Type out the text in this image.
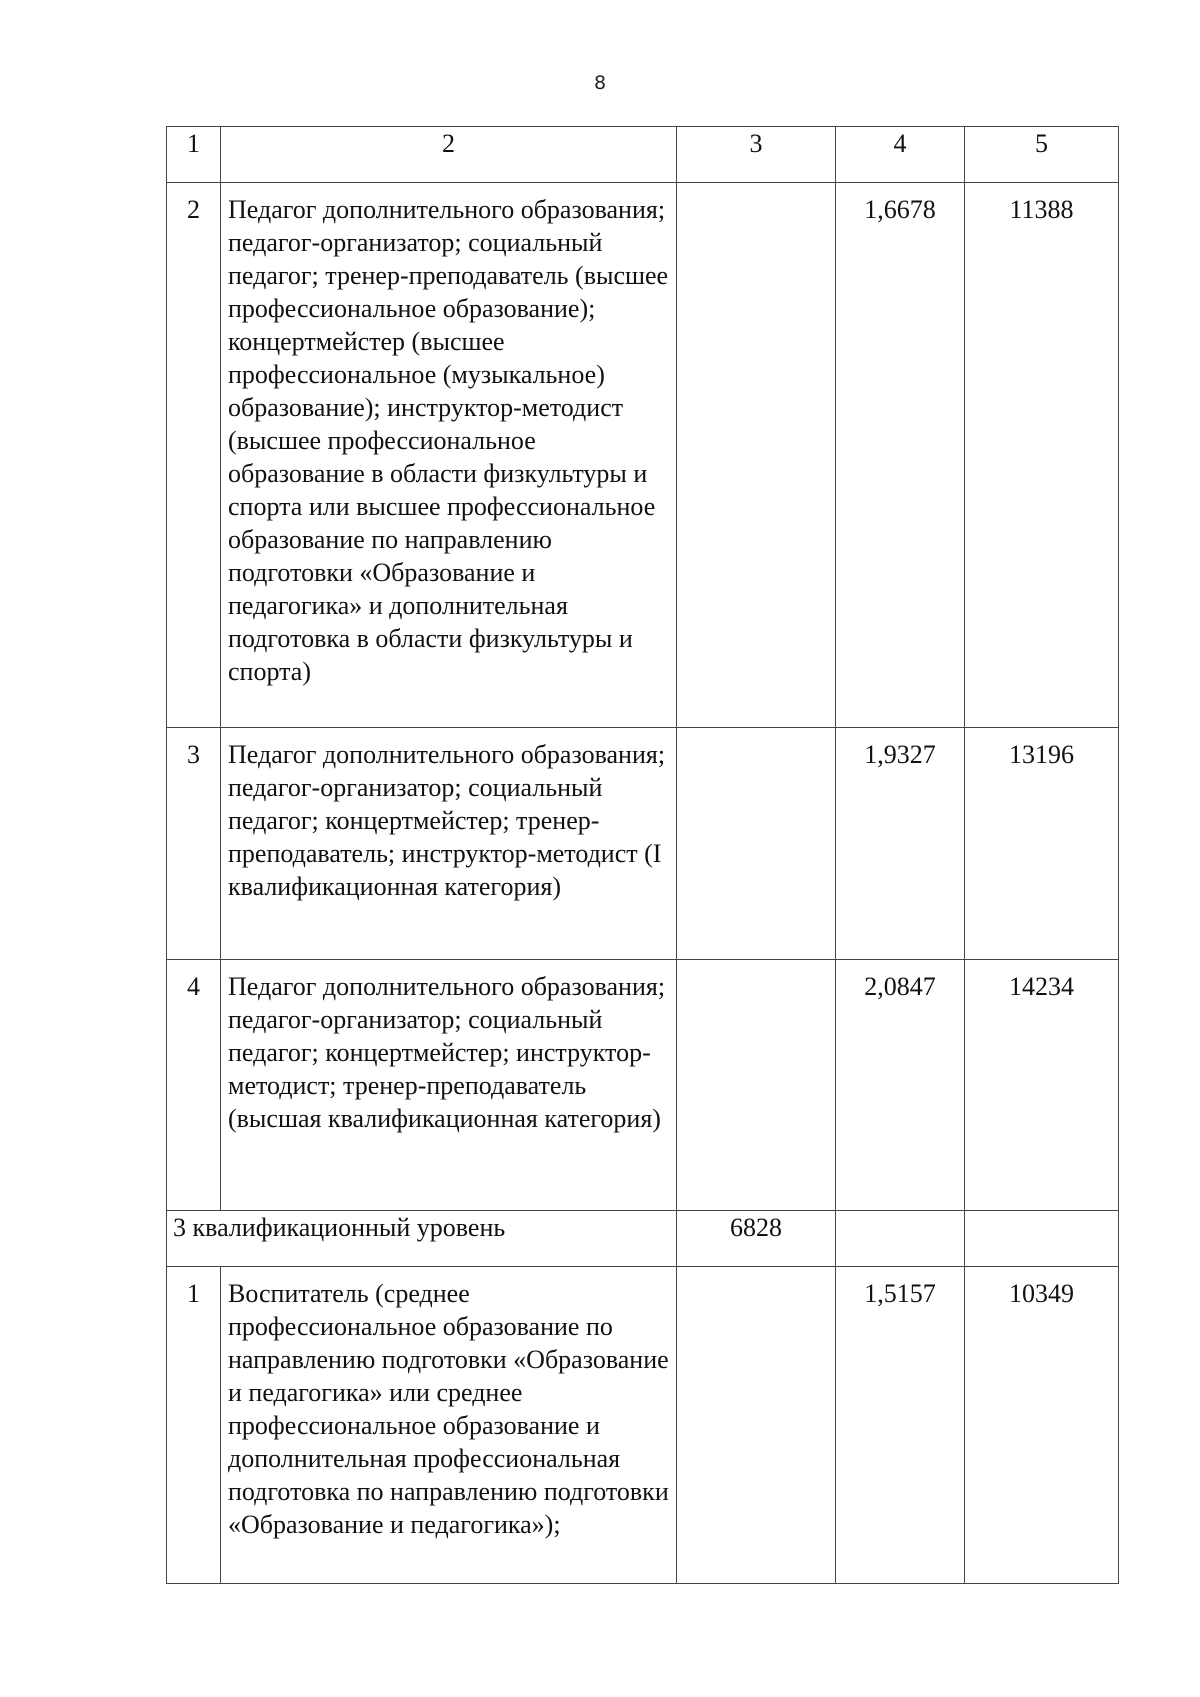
8
1	2	3	4	5
2	Педагог дополнительного образования; педагог-организатор; социальный педагог; тренер-преподаватель (высшее профессиональное образование); концертмейстер (высшее профессиональное (музыкальное) образование); инструктор-методист (высшее профессиональное образование в области физкультуры и спорта или высшее профессиональное образование по направлению подготовки «Образование и педагогика» и дополнительная подготовка в области физкультуры и спорта)		1,6678	11388
3	Педагог дополнительного образования; педагог-организатор; социальный педагог; концертмейстер; тренер-преподаватель; инструктор-методист (I квалификационная категория)		1,9327	13196
4	Педагог дополнительного образования; педагог-организатор; социальный педагог; концертмейстер; инструктор-методист; тренер-преподаватель (высшая квалификационная категория)		2,0847	14234
3 квалификационный уровень		6828		
1	Воспитатель (среднее профессиональное образование по направлению подготовки «Образование и педагогика» или среднее профессиональное образование и дополнительная профессиональная подготовка по направлению подготовки «Образование и педагогика»);		1,5157	10349
